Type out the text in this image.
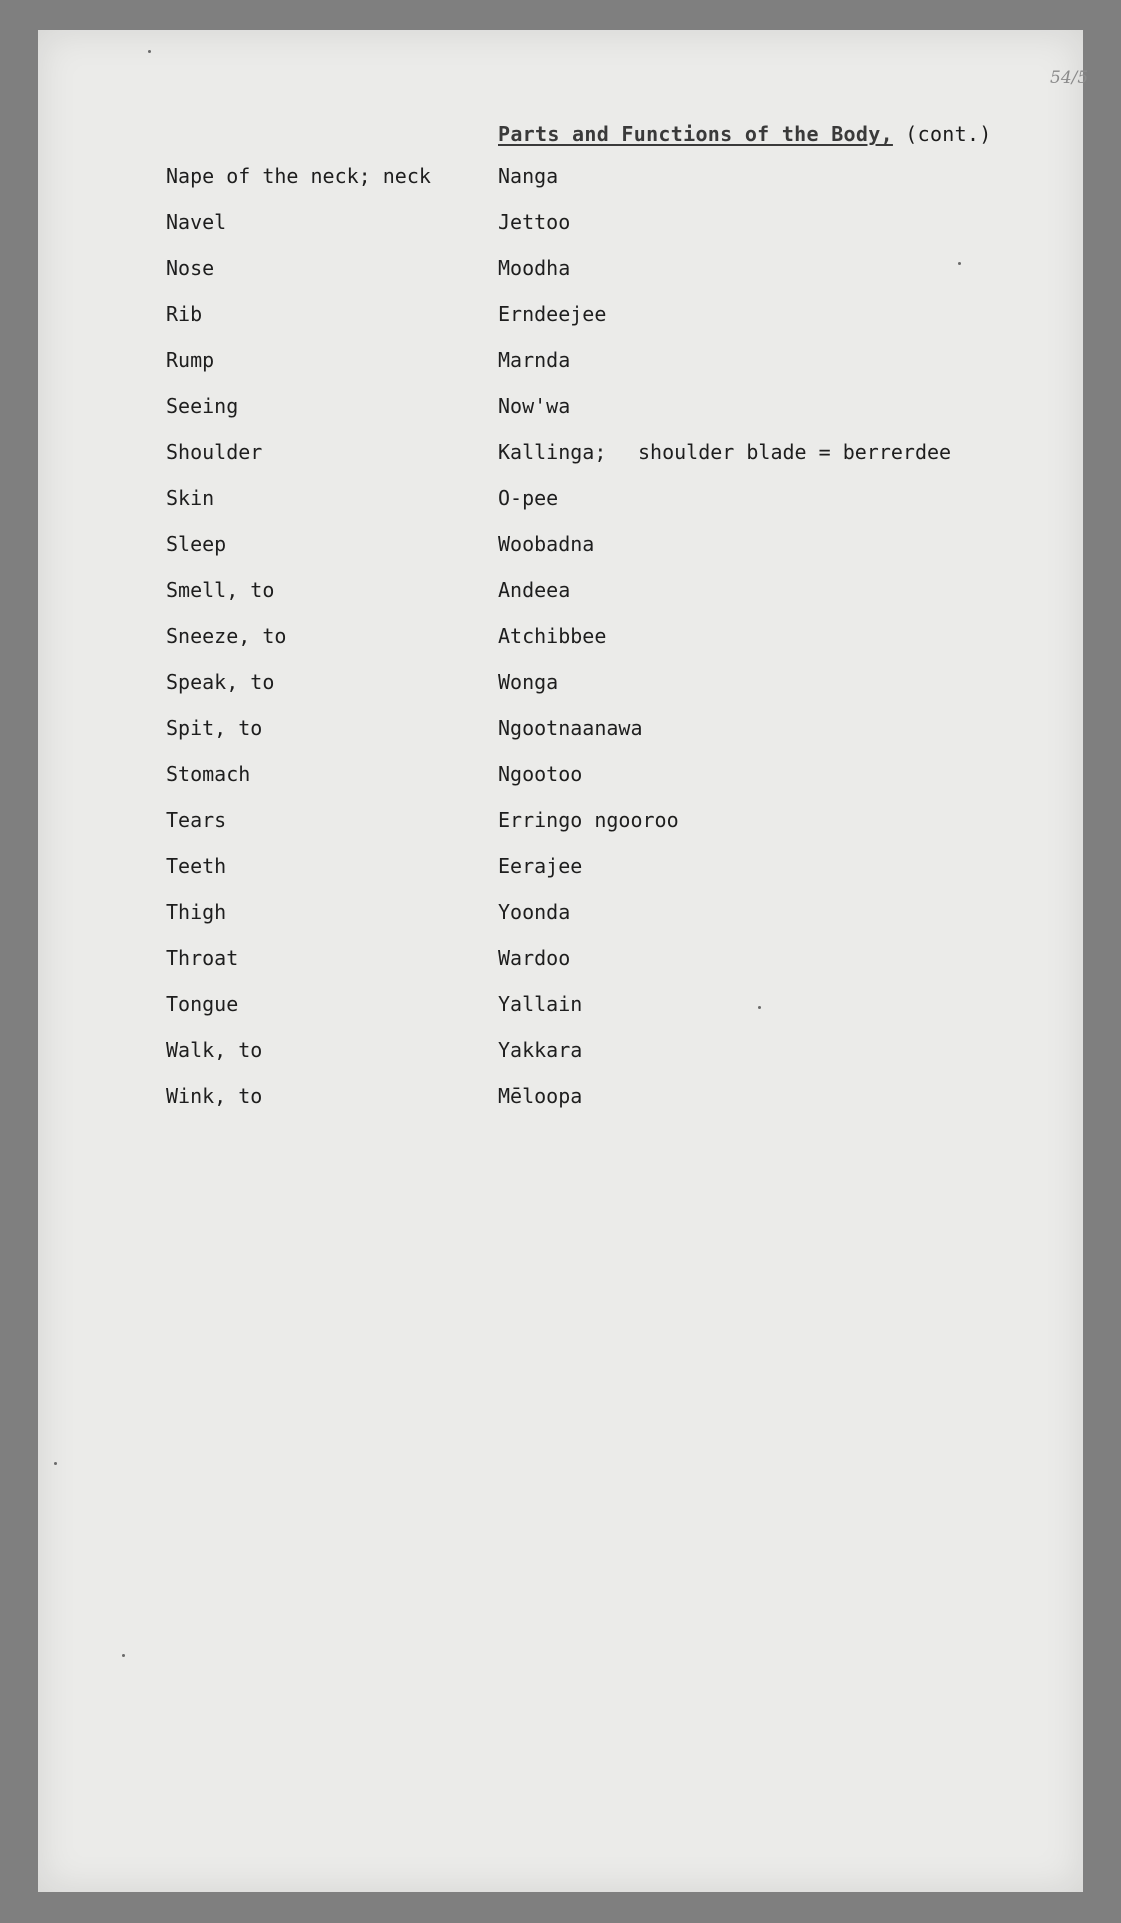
54/5
Parts and Functions of the Body, (cont.)
Nape of the neck; neck	Nanga
Navel	Jettoo
Nose	Moodha
Rib	Erndeejee
Rump	Marnda
Seeing	Now'wa
Shoulder	Kallinga; shoulder blade = berrerdee
Skin	O-pee
Sleep	Woobadna
Smell, to	Andeea
Sneeze, to	Atchibbee
Speak, to	Wonga
Spit, to	Ngootnaanawa
Stomach	Ngootoo
Tears	Erringo ngooroo
Teeth	Eerajee
Thigh	Yoonda
Throat	Wardoo
Tongue	Yallain
Walk, to	Yakkara
Wink, to	Mēloopa
